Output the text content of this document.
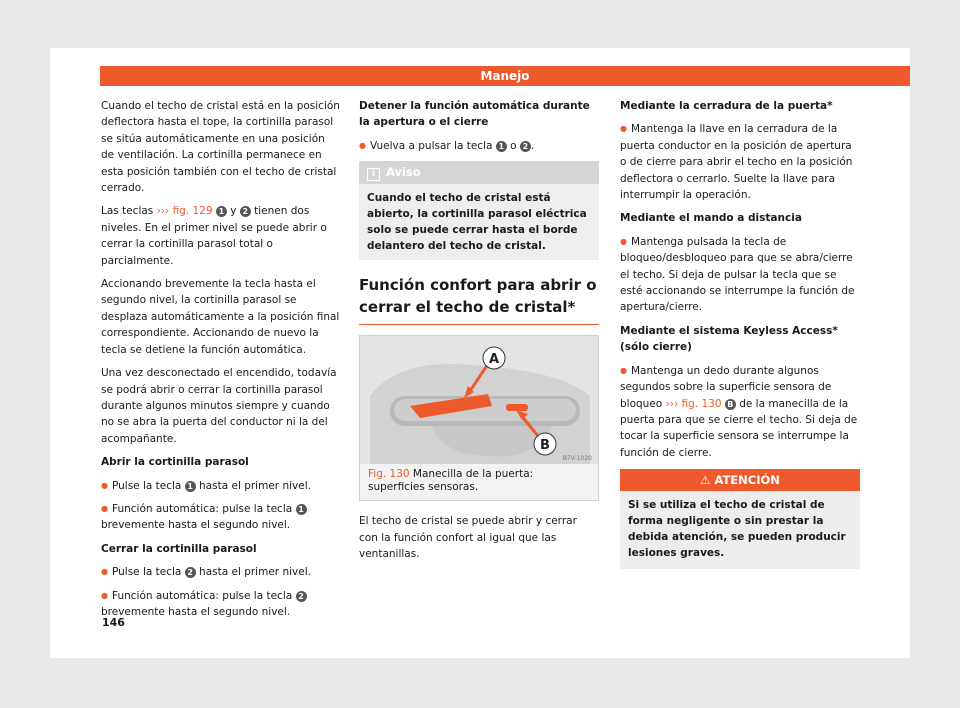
Manejo

Cuando el techo de cristal está en la posición deflectora hasta el tope, la cortinilla parasol se sitúa automáticamente en una posición de ventilación. La cortinilla permanece en esta posición también con el techo de cristal cerrado.

Las teclas ››› fig. 129 1 y 2 tienen dos niveles. En el primer nivel se puede abrir o cerrar la cortinilla parasol total o parcialmente.

Accionando brevemente la tecla hasta el segundo nivel, la cortinilla parasol se desplaza automáticamente a la posición final correspondiente. Accionando de nuevo la tecla se detiene la función automática.

Una vez desconectado el encendido, todavía se podrá abrir o cerrar la cortinilla parasol durante algunos minutos siempre y cuando no se abra la puerta del conductor ni la del acompañante.

Abrir la cortinilla parasol

● Pulse la tecla 1 hasta el primer nivel.

● Función automática: pulse la tecla 1 brevemente hasta el segundo nivel.

Cerrar la cortinilla parasol

● Pulse la tecla 2 hasta el primer nivel.

● Función automática: pulse la tecla 2 brevemente hasta el segundo nivel.

Detener la función automática durante la apertura o el cierre

● Vuelva a pulsar la tecla 1 o 2 .

i Aviso
Cuando el techo de cristal está abierto, la cortinilla parasol eléctrica solo se puede cerrar hasta el borde delantero del techo de cristal.
Función confort para abrir o cerrar el techo de cristal*
A
B
B7V-1020
Fig. 130 Manecilla de la puerta: superficies sensoras.

El techo de cristal se puede abrir y cerrar con la función confort al igual que las ventanillas.

Mediante la cerradura de la puerta*

● Mantenga la llave en la cerradura de la puerta conductor en la posición de apertura o de cierre para abrir el techo en la posición deflectora o cerrarlo. Suelte la llave para interrumpir la operación.

Mediante el mando a distancia

● Mantenga pulsada la tecla de bloqueo/desbloqueo para que se abra/cierre el techo. Si deja de pulsar la tecla que se esté accionando se interrumpe la función de apertura/cierre.

Mediante el sistema Keyless Access* (sólo cierre)

● Mantenga un dedo durante algunos segundos sobre la superficie sensora de bloqueo ››› fig. 130 B de la manecilla de la puerta para que se cierre el techo. Si deja de tocar la superficie sensora se interrumpe la función de cierre.

⚠ ATENCIÓN
Si se utiliza el techo de cristal de forma negligente o sin prestar la debida atención, se pueden producir lesiones graves.
146
